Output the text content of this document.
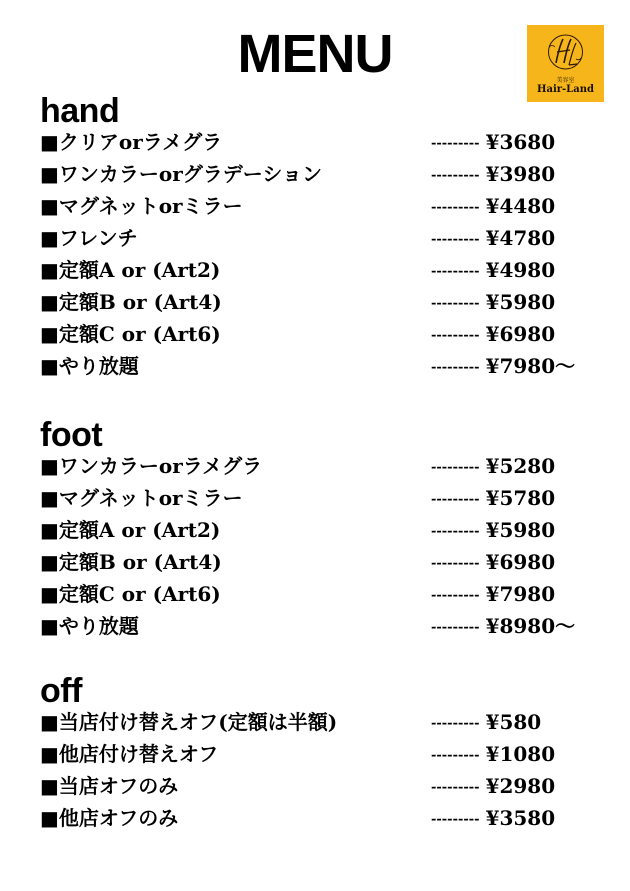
MENU	美容室
Hair-Land
hand
■クリアorラメグラ	--------- ¥3680
■ワンカラーorグラデーション	--------- ¥3980
■マグネットorミラー	--------- ¥4480
■フレンチ	--------- ¥4780
■定額A or (Art2)	--------- ¥4980
■定額B or (Art4)	--------- ¥5980
■定額C or (Art6)	--------- ¥6980
■やり放題	--------- ¥7980〜
foot
■ワンカラーorラメグラ	--------- ¥5280
■マグネットorミラー	--------- ¥5780
■定額A or (Art2)	--------- ¥5980
■定額B or (Art4)	--------- ¥6980
■定額C or (Art6)	--------- ¥7980
■やり放題	--------- ¥8980〜
off
■当店付け替えオフ(定額は半額)	--------- ¥580
■他店付け替えオフ	--------- ¥1080
■当店オフのみ	--------- ¥2980
■他店オフのみ	--------- ¥3580
